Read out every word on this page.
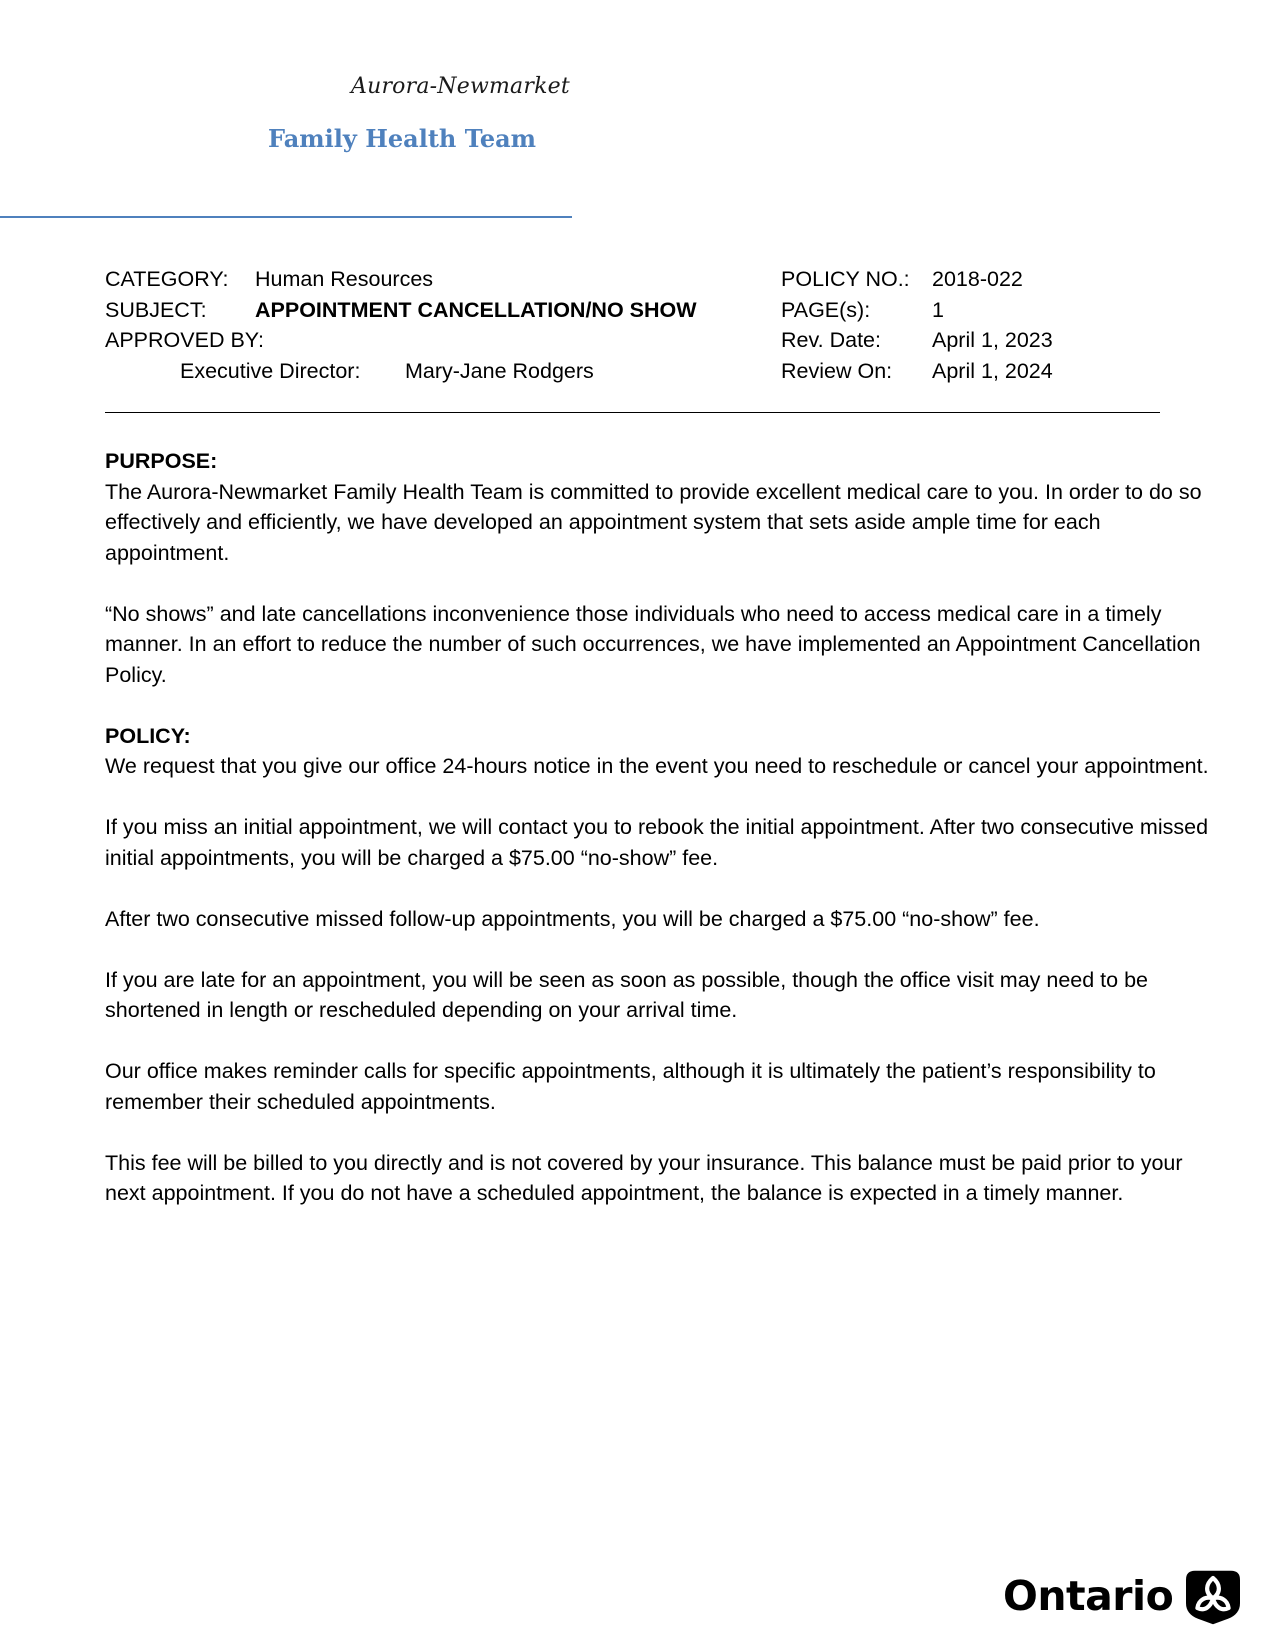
Aurora-Newmarket
Family Health Team
CATEGORY: Human Resources	POLICY NO.: 2018-022
SUBJECT: APPOINTMENT CANCELLATION/NO SHOW	PAGE(s):	1
APPROVED BY:	Rev. Date: April 1, 2023
Executive Director: Mary-Jane Rodgers	Review On: April 1, 2024

PURPOSE:

The Aurora-Newmarket Family Health Team is committed to provide excellent medical care to you. In order to do so effectively and efficiently, we have developed an appointment system that sets aside ample time for each appointment.

“No shows” and late cancellations inconvenience those individuals who need to access medical care in a timely manner. In an effort to reduce the number of such occurrences, we have implemented an Appointment Cancellation Policy.

POLICY:

We request that you give our office 24-hours notice in the event you need to reschedule or cancel your appointment.

If you miss an initial appointment, we will contact you to rebook the initial appointment. After two consecutive missed initial appointments, you will be charged a $75.00 “no-show” fee.

After two consecutive missed follow-up appointments, you will be charged a $75.00 “no-show” fee.

If you are late for an appointment, you will be seen as soon as possible, though the office visit may need to be shortened in length or rescheduled depending on your arrival time.

Our office makes reminder calls for specific appointments, although it is ultimately the patient’s responsibility to remember their scheduled appointments.

This fee will be billed to you directly and is not covered by your insurance. This balance must be paid prior to your next appointment. If you do not have a scheduled appointment, the balance is expected in a timely manner.

Ontario
